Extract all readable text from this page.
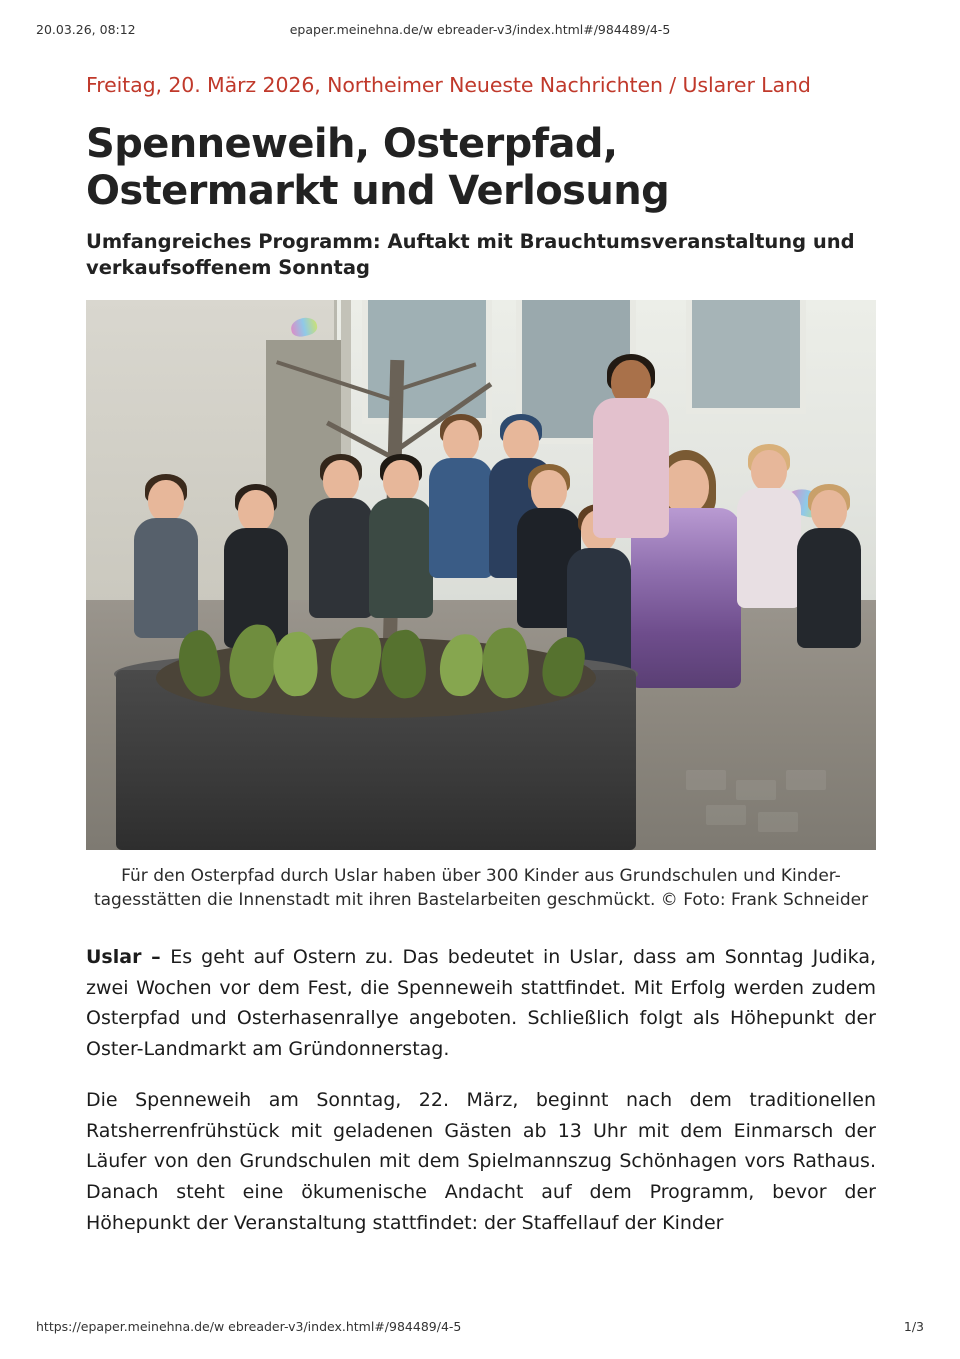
20.03.26, 08:12	epaper.meinehna.de/w ebreader-v3/index.html#/984489/4-5
Freitag, 20. März 2026, Northeimer Neueste Nachrichten / Uslarer Land
Spenneweih, Osterpfad, Ostermarkt und Verlosung
Umfangreiches Programm: Auftakt mit Brauchtumsveranstaltung und verkaufsoffenem Sonntag
Für den Osterpfad durch Uslar haben über 300 Kinder aus Grundschulen und Kinder-tagesstätten die Innenstadt mit ihren Bastelarbeiten geschmückt. © Foto: Frank Schneider

Uslar – Es geht auf Ostern zu. Das bedeutet in Uslar, dass am Sonntag Judika, zwei Wochen vor dem Fest, die Spenneweih stattfindet. Mit Erfolg werden zudem Osterpfad und Osterhasenrallye angeboten. Schließlich folgt als Höhepunkt der Oster-Landmarkt am Gründonnerstag.

Die Spenneweih am Sonntag, 22. März, beginnt nach dem traditionellen Ratsherrenfrühstück mit geladenen Gästen ab 13 Uhr mit dem Einmarsch der Läufer von den Grundschulen mit dem Spielmannszug Schönhagen vors Rathaus. Danach steht eine ökumenische Andacht auf dem Programm, bevor der Höhepunkt der Veranstaltung stattfindet: der Staffellauf der Kinder

https://epaper.meinehna.de/w ebreader-v3/index.html#/984489/4-5	1/3
